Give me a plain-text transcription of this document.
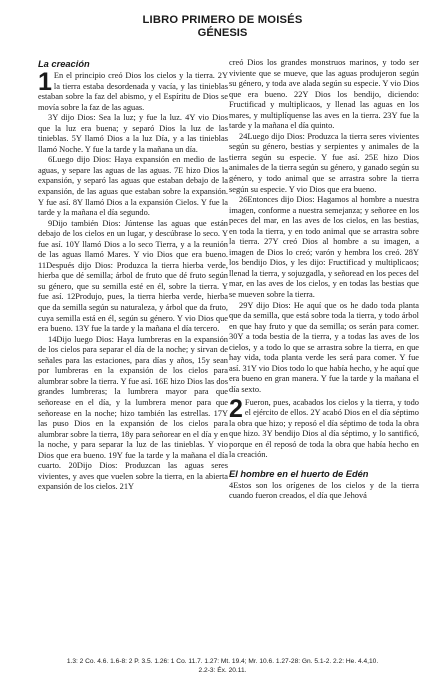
LIBRO PRIMERO DE MOISÉS
GÉNESIS
La creación
1 En el principio creó Dios los cielos y la tierra. 2Y la tierra estaba desordenada y vacía, y las tinieblas estaban sobre la faz del abismo, y el Espíritu de Dios se movía sobre la faz de las aguas.

3Y dijo Dios: Sea la luz; y fue la luz. 4Y vio Dios que la luz era buena; y separó Dios la luz de las tinieblas. 5Y llamó Dios a la luz Día, y a las tinieblas llamó Noche. Y fue la tarde y la mañana un día.

6Luego dijo Dios: Haya expansión en medio de las aguas, y separe las aguas de las aguas. 7E hizo Dios la expansión, y separó las aguas que estaban debajo de la expansión, de las aguas que estaban sobre la expansión. Y fue así. 8Y llamó Dios a la expansión Cielos. Y fue la tarde y la mañana el día segundo.

9Dijo también Dios: Júntense las aguas que están debajo de los cielos en un lugar, y descúbrase lo seco. Y fue así. 10Y llamó Dios a lo seco Tierra, y a la reunión de las aguas llamó Mares. Y vio Dios que era bueno. 11Después dijo Dios: Produzca la tierra hierba verde, hierba que dé semilla; árbol de fruto que dé fruto según su género, que su semilla esté en él, sobre la tierra. Y fue así. 12Produjo, pues, la tierra hierba verde, hierba que da semilla según su naturaleza, y árbol que da fruto, cuya semilla está en él, según su género. Y vio Dios que era bueno. 13Y fue la tarde y la mañana el día tercero.

14Dijo luego Dios: Haya lumbreras en la expansión de los cielos para separar el día de la noche; y sirvan de señales para las estaciones, para días y años, 15y sean por lumbreras en la expansión de los cielos para alumbrar sobre la tierra. Y fue así. 16E hizo Dios las dos grandes lumbreras; la lumbrera mayor para que señorease en el día, y la lumbrera menor para que señorease en la noche; hizo también las estrellas. 17Y las puso Dios en la expansión de los cielos para alumbrar sobre la tierra, 18y para señorear en el día y en la noche, y para separar la luz de las tinieblas. Y vio Dios que era bueno. 19Y fue la tarde y la mañana el día cuarto. 20Dijo Dios: Produzcan las aguas seres vivientes, y aves que vuelen sobre la tierra, en la abierta expansión de los cielos. 21Y

creó Dios los grandes monstruos marinos, y todo ser viviente que se mueve, que las aguas produjeron según su género, y toda ave alada según su especie. Y vio Dios que era bueno. 22Y Dios los bendijo, diciendo: Fructificad y multiplicaos, y llenad las aguas en los mares, y multiplíquense las aves en la tierra. 23Y fue la tarde y la mañana el día quinto.

24Luego dijo Dios: Produzca la tierra seres vivientes según su género, bestias y serpientes y animales de la tierra según su especie. Y fue así. 25E hizo Dios animales de la tierra según su género, y ganado según su género, y todo animal que se arrastra sobre la tierra según su especie. Y vio Dios que era bueno.

26Entonces dijo Dios: Hagamos al hombre a nuestra imagen, conforme a nuestra semejanza; y señoree en los peces del mar, en las aves de los cielos, en las bestias, en toda la tierra, y en todo animal que se arrastra sobre la tierra. 27Y creó Dios al hombre a su imagen, a imagen de Dios lo creó; varón y hembra los creó. 28Y los bendijo Dios, y les dijo: Fructificad y multiplicaos; llenad la tierra, y sojuzgadla, y señoread en los peces del mar, en las aves de los cielos, y en todas las bestias que se mueven sobre la tierra.

29Y dijo Dios: He aquí que os he dado toda planta que da semilla, que está sobre toda la tierra, y todo árbol en que hay fruto y que da semilla; os serán para comer. 30Y a toda bestia de la tierra, y a todas las aves de los cielos, y a todo lo que se arrastra sobre la tierra, en que hay vida, toda planta verde les será para comer. Y fue así. 31Y vio Dios todo lo que había hecho, y he aquí que era bueno en gran manera. Y fue la tarde y la mañana el día sexto.

2 Fueron, pues, acabados los cielos y la tierra, y todo el ejército de ellos. 2Y acabó Dios en el día séptimo la obra que hizo; y reposó el día séptimo de toda la obra que hizo. 3Y bendijo Dios al día séptimo, y lo santificó, porque en él reposó de toda la obra que había hecho en la creación.

El hombre en el huerto de Edén

4Estos son los orígenes de los cielos y de la tierra cuando fueron creados, el día que Jehová

1.3: 2 Co. 4.6. 1.6-8: 2 P. 3.5. 1.26: 1 Co. 11.7. 1.27: Mt. 19.4; Mr. 10.6. 1.27-28: Gn. 5.1-2. 2.2: He. 4.4,10.
2.2-3: Éx. 20.11.
